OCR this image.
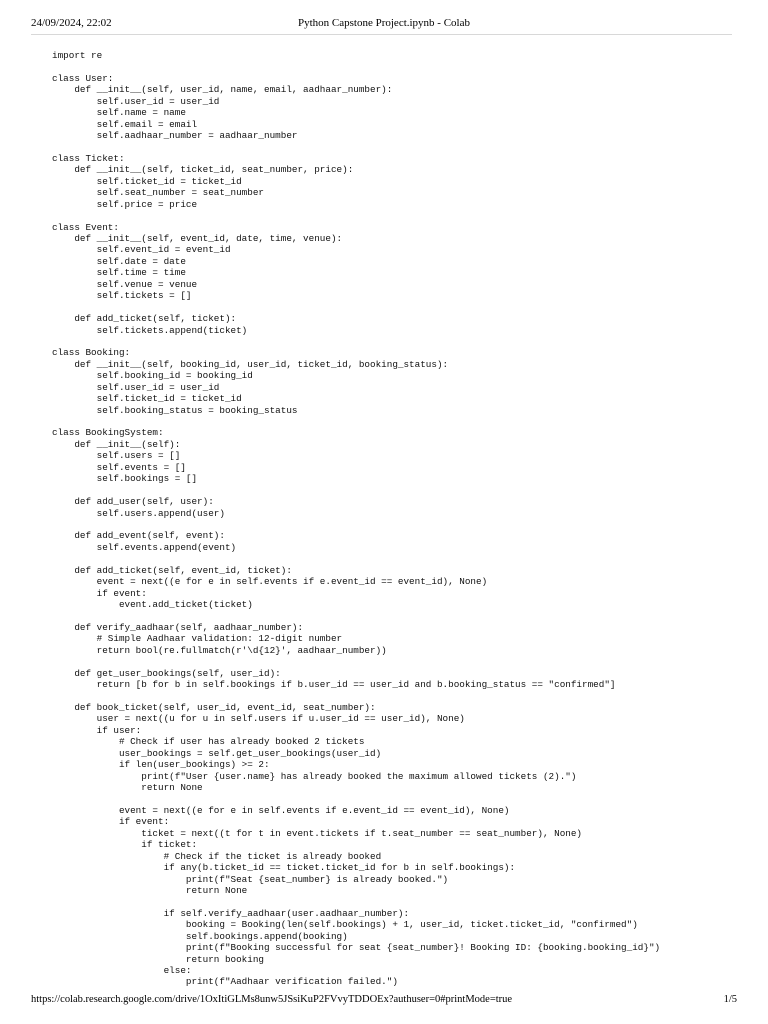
24/09/2024, 22:02	Python Capstone Project.ipynb - Colab
import re
class User:
def __init__(self, user_id, name, email, aadhaar_number):
self.user_id = user_id
self.name = name
self.email = email
self.aadhaar_number = aadhaar_number
class Ticket:
def __init__(self, ticket_id, seat_number, price):
self.ticket_id = ticket_id
self.seat_number = seat_number
self.price = price
class Event:
def __init__(self, event_id, date, time, venue):
self.event_id = event_id
self.date = date
self.time = time
self.venue = venue
self.tickets = []
def add_ticket(self, ticket):
self.tickets.append(ticket)
class Booking:
def __init__(self, booking_id, user_id, ticket_id, booking_status):
self.booking_id = booking_id
self.user_id = user_id
self.ticket_id = ticket_id
self.booking_status = booking_status
class BookingSystem:
def __init__(self):
self.users = []
self.events = []
self.bookings = []
def add_user(self, user):
self.users.append(user)
def add_event(self, event):
self.events.append(event)
def add_ticket(self, event_id, ticket):
event = next((e for e in self.events if e.event_id == event_id), None)
if event:
event.add_ticket(ticket)
def verify_aadhaar(self, aadhaar_number):
# Simple Aadhaar validation: 12-digit number
return bool(re.fullmatch(r'\d{12}', aadhaar_number))
def get_user_bookings(self, user_id):
return [b for b in self.bookings if b.user_id == user_id and b.booking_status == "confirmed"]
def book_ticket(self, user_id, event_id, seat_number):
user = next((u for u in self.users if u.user_id == user_id), None)
if user:
# Check if user has already booked 2 tickets
user_bookings = self.get_user_bookings(user_id)
if len(user_bookings) >= 2:
print(f"User {user.name} has already booked the maximum allowed tickets (2).")
return None
event = next((e for e in self.events if e.event_id == event_id), None)
if event:
ticket = next((t for t in event.tickets if t.seat_number == seat_number), None)
if ticket:
# Check if the ticket is already booked
if any(b.ticket_id == ticket.ticket_id for b in self.bookings):
print(f"Seat {seat_number} is already booked.")
return None
if self.verify_aadhaar(user.aadhaar_number):
booking = Booking(len(self.bookings) + 1, user_id, ticket.ticket_id, "confirmed")
self.bookings.append(booking)
print(f"Booking successful for seat {seat_number}! Booking ID: {booking.booking_id}")
return booking
else:
print(f"Aadhaar verification failed.")
https://colab.research.google.com/drive/1OxItiGLMs8unw5JSsiKuP2FVvyTDDOEx?authuser=0#printMode=true	1/5
